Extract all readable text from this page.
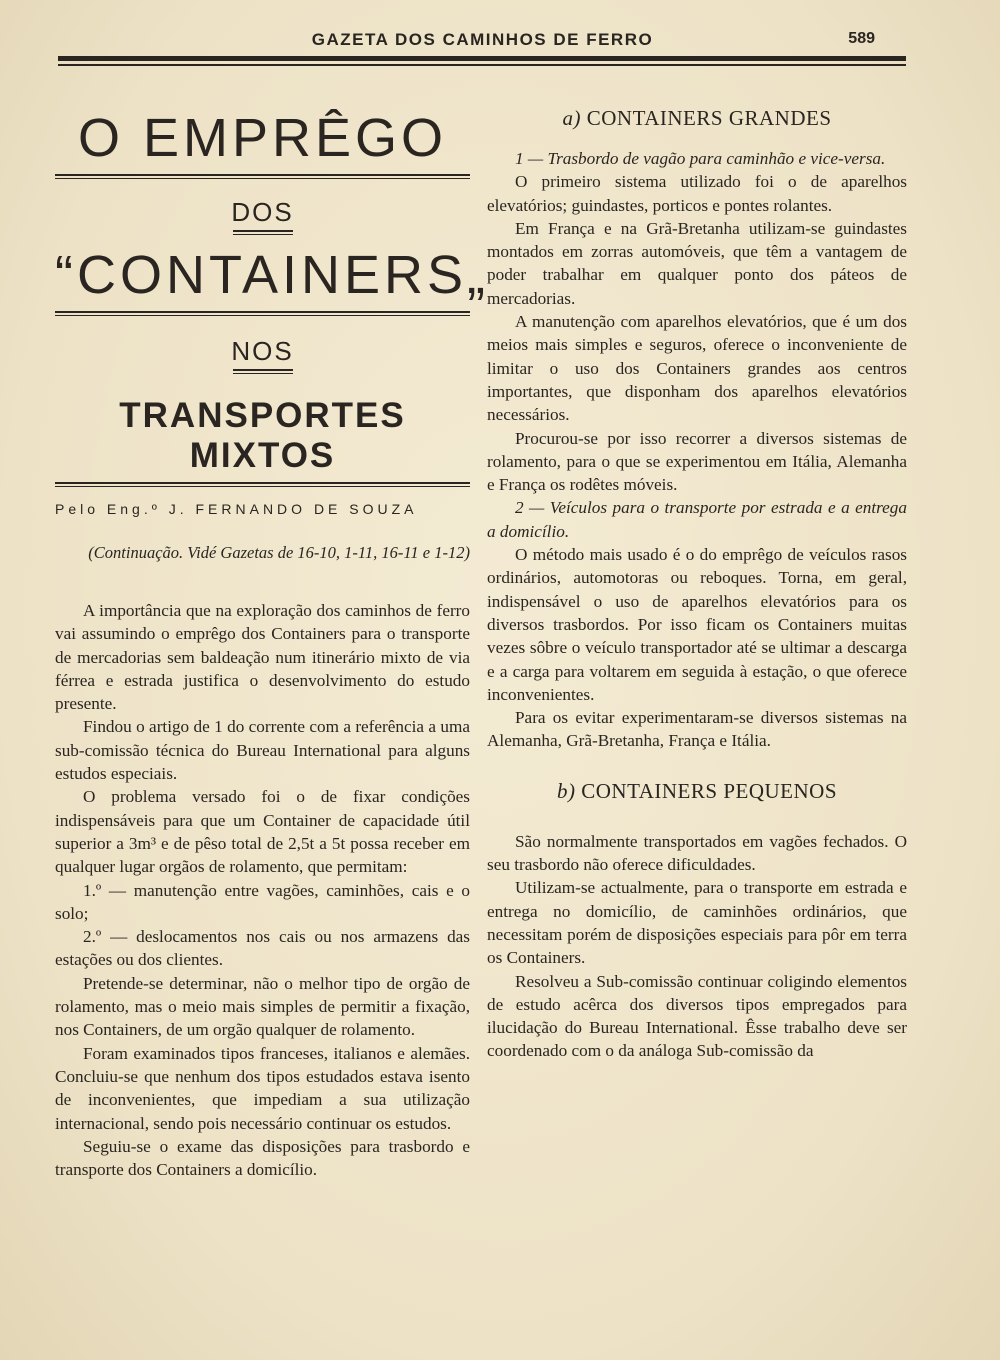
GAZETA DOS CAMINHOS DE FERRO	589
O EMPRÊGO

DOS

“CONTAINERS„

NOS

TRANSPORTES MIXTOS

Pelo Eng.º J. FERNANDO DE SOUZA

(Continuação. Vidé Gazetas de 16-10, 1-11, 16-11 e 1-12)

A importância que na exploração dos caminhos de ferro vai assumindo o emprêgo dos Containers para o transporte de mercadorias sem baldeação num itinerário mixto de via férrea e estrada justifica o desenvolvimento do estudo presente.

Findou o artigo de 1 do corrente com a referência a uma sub-comissão técnica do Bureau International para alguns estudos especiais.

O problema versado foi o de fixar condições indispensáveis para que um Container de capacidade útil superior a 3m³ e de pêso total de 2,5t a 5t possa receber em qualquer lugar orgãos de rolamento, que permitam:

1.º — manutenção entre vagões, caminhões, cais e o solo;

2.º — deslocamentos nos cais ou nos armazens das estações ou dos clientes.

Pretende-se determinar, não o melhor tipo de orgão de rolamento, mas o meio mais simples de permitir a fixação, nos Containers, de um orgão qualquer de rolamento.

Foram examinados tipos franceses, italianos e alemães. Concluiu-se que nenhum dos tipos estudados estava isento de inconvenientes, que impediam a sua utilização internacional, sendo pois necessário continuar os estudos.

Seguiu-se o exame das disposições para trasbordo e transporte dos Containers a domicílio.

a) CONTAINERS GRANDES

1 — Trasbordo de vagão para caminhão e vice-versa.

O primeiro sistema utilizado foi o de aparelhos elevatórios; guindastes, porticos e pontes rolantes.

Em França e na Grã-Bretanha utilizam-se guindastes montados em zorras automóveis, que têm a vantagem de poder trabalhar em qualquer ponto dos páteos de mercadorias.

A manutenção com aparelhos elevatórios, que é um dos meios mais simples e seguros, oferece o inconveniente de limitar o uso dos Containers grandes aos centros importantes, que disponham dos aparelhos elevatórios necessários.

Procurou-se por isso recorrer a diversos sistemas de rolamento, para o que se experimentou em Itália, Alemanha e França os rodêtes móveis.

2 — Veículos para o transporte por estrada e a entrega a domicílio.

O método mais usado é o do emprêgo de veículos rasos ordinários, automotoras ou reboques. Torna, em geral, indispensável o uso de aparelhos elevatórios para os diversos trasbordos. Por isso ficam os Containers muitas vezes sôbre o veículo transportador até se ultimar a descarga e a carga para voltarem em seguida à estação, o que oferece inconvenientes.

Para os evitar experimentaram-se diversos sistemas na Alemanha, Grã-Bretanha, França e Itália.

b) CONTAINERS PEQUENOS

São normalmente transportados em vagões fechados. O seu trasbordo não oferece dificuldades.

Utilizam-se actualmente, para o transporte em estrada e entrega no domicílio, de caminhões ordinários, que necessitam porém de disposições especiais para pôr em terra os Containers.

Resolveu a Sub-comissão continuar coligindo elementos de estudo acêrca dos diversos tipos empregados para ilucidação do Bureau International. Êsse trabalho deve ser coordenado com o da análoga Sub-comissão da
